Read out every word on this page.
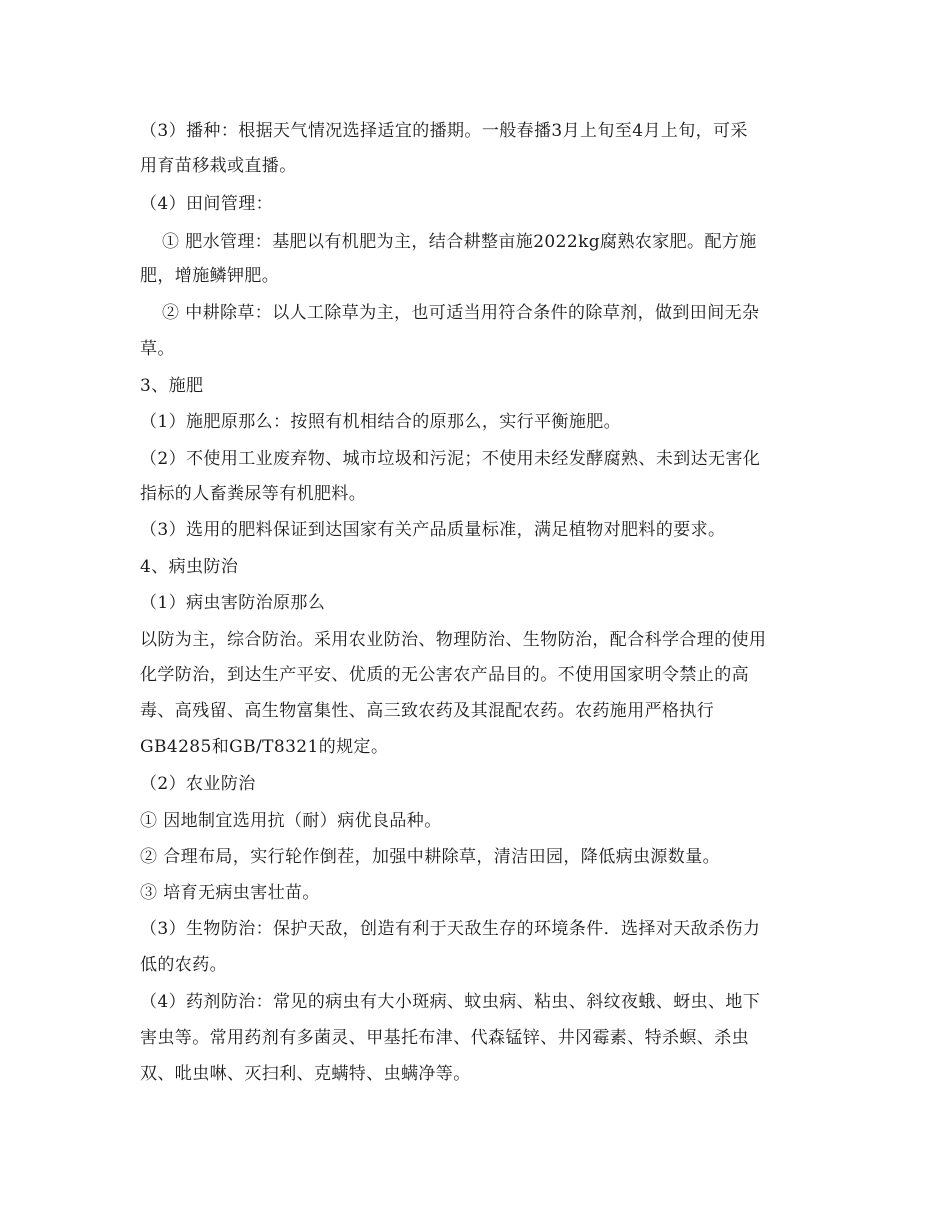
（3）播种：根据天气情况选择适宜的播期。一般春播3月上旬至4月上旬，可采
用育苗移栽或直播。
（4）田间管理：
① 肥水管理：基肥以有机肥为主，结合耕整亩施2022kg腐熟农家肥。配方施
肥，增施鳞钾肥。
② 中耕除草：以人工除草为主，也可适当用符合条件的除草剂，做到田间无杂
草。
3、施肥
（1）施肥原那么：按照有机相结合的原那么，实行平衡施肥。
（2）不使用工业废弃物、城市垃圾和污泥；不使用未经发酵腐熟、未到达无害化
指标的人畜粪尿等有机肥料。
（3）选用的肥料保证到达国家有关产品质量标准，满足植物对肥料的要求。
4、病虫防治
（1）病虫害防治原那么
以防为主，综合防治。采用农业防治、物理防治、生物防治，配合科学合理的使用
化学防治，到达生产平安、优质的无公害农产品目的。不使用国家明令禁止的高
毒、高残留、高生物富集性、高三致农药及其混配农药。农药施用严格执行
GB4285和GB/T8321的规定。
（2）农业防治
① 因地制宜选用抗（耐）病优良品种。
② 合理布局，实行轮作倒茬，加强中耕除草，清洁田园，降低病虫源数量。
③ 培育无病虫害壮苗。
（3）生物防治：保护天敌，创造有利于天敌生存的环境条件．选择对天敌杀伤力
低的农药。
（4）药剂防治：常见的病虫有大小斑病、蚊虫病、粘虫、斜纹夜蛾、蚜虫、地下
害虫等。常用药剂有多菌灵、甲基托布津、代森锰锌、井冈霉素、特杀螟、杀虫
双、吡虫啉、灭扫利、克螨特、虫螨净等。
